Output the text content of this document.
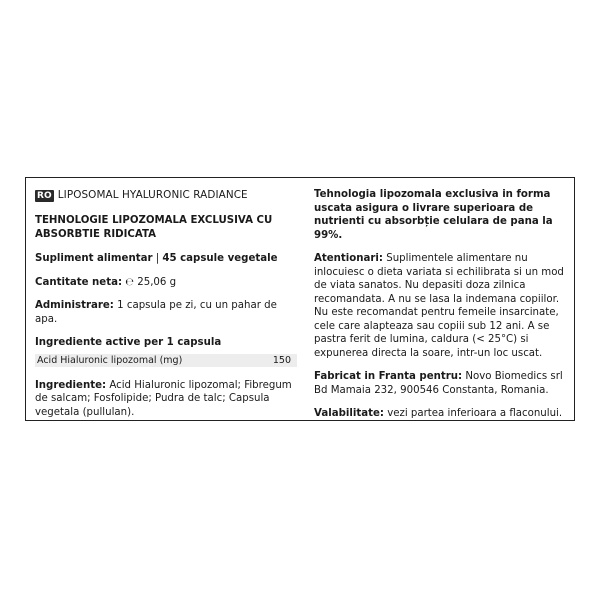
RO LIPOSOMAL HYALURONIC RADIANCE

TEHNOLOGIE LIPOZOMALA EXCLUSIVA CU ABSORBTIE RIDICATA

Supliment alimentar | 45 capsule vegetale

Cantitate neta: ℮ 25,06 g

Administrare: 1 capsula pe zi, cu un pahar de apa.

Ingrediente active per 1 capsula

Acid Hialuronic lipozomal (mg)	150

Ingrediente: Acid Hialuronic lipozomal; Fibregum de salcam; Fosfolipide; Pudra de talc; Capsula vegetala (pullulan).

Tehnologia lipozomala exclusiva in forma uscata asigura o livrare superioara de nutrienti cu absorbție celulara de pana la 99%.

Atentionari: Suplimentele alimentare nu inlocuiesc o dieta variata si echilibrata si un mod de viata sanatos. Nu depasiti doza zilnica recomandata. A nu se lasa la indemana copiilor. Nu este recomandat pentru femeile insarcinate, cele care alapteaza sau copiii sub 12 ani. A se pastra ferit de lumina, caldura (< 25°C) si expunerea directa la soare, intr-un loc uscat.

Fabricat in Franta pentru: Novo Biomedics srl Bd Mamaia 232, 900546 Constanta, Romania.

Valabilitate: vezi partea inferioara a flaconului.
